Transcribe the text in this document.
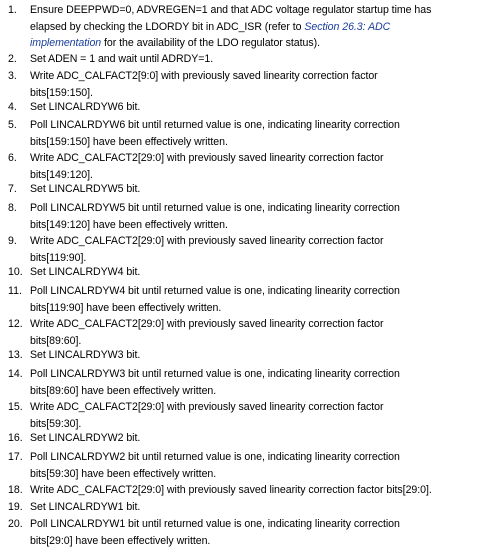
1.	Ensure DEEPPWD=0, ADVREGEN=1 and that ADC voltage regulator startup time has
elapsed by checking the LDORDY bit in ADC_ISR (refer to Section 26.3: ADC
implementation for the availability of the LDO regulator status).
2.	Set ADEN = 1 and wait until ADRDY=1.
3.	Write ADC_CALFACT2[9:0] with previously saved linearity correction factor
bits[159:150].
4.	Set LINCALRDYW6 bit.
5.	Poll LINCALRDYW6 bit until returned value is one, indicating linearity correction
bits[159:150] have been effectively written.
6.	Write ADC_CALFACT2[29:0] with previously saved linearity correction factor
bits[149:120].
7.	Set LINCALRDYW5 bit.
8.	Poll LINCALRDYW5 bit until returned value is one, indicating linearity correction
bits[149:120] have been effectively written.
9.	Write ADC_CALFACT2[29:0] with previously saved linearity correction factor
bits[119:90].
10. Set LINCALRDYW4 bit.
11. Poll LINCALRDYW4 bit until returned value is one, indicating linearity correction
bits[119:90] have been effectively written.
12. Write ADC_CALFACT2[29:0] with previously saved linearity correction factor
bits[89:60].
13. Set LINCALRDYW3 bit.
14. Poll LINCALRDYW3 bit until returned value is one, indicating linearity correction
bits[89:60] have been effectively written.
15. Write ADC_CALFACT2[29:0] with previously saved linearity correction factor
bits[59:30].
16. Set LINCALRDYW2 bit.
17. Poll LINCALRDYW2 bit until returned value is one, indicating linearity correction
bits[59:30] have been effectively written.
18. Write ADC_CALFACT2[29:0] with previously saved linearity correction factor bits[29:0].
19. Set LINCALRDYW1 bit.
20. Poll LINCALRDYW1 bit until returned value is one, indicating linearity correction
bits[29:0] have been effectively written.
